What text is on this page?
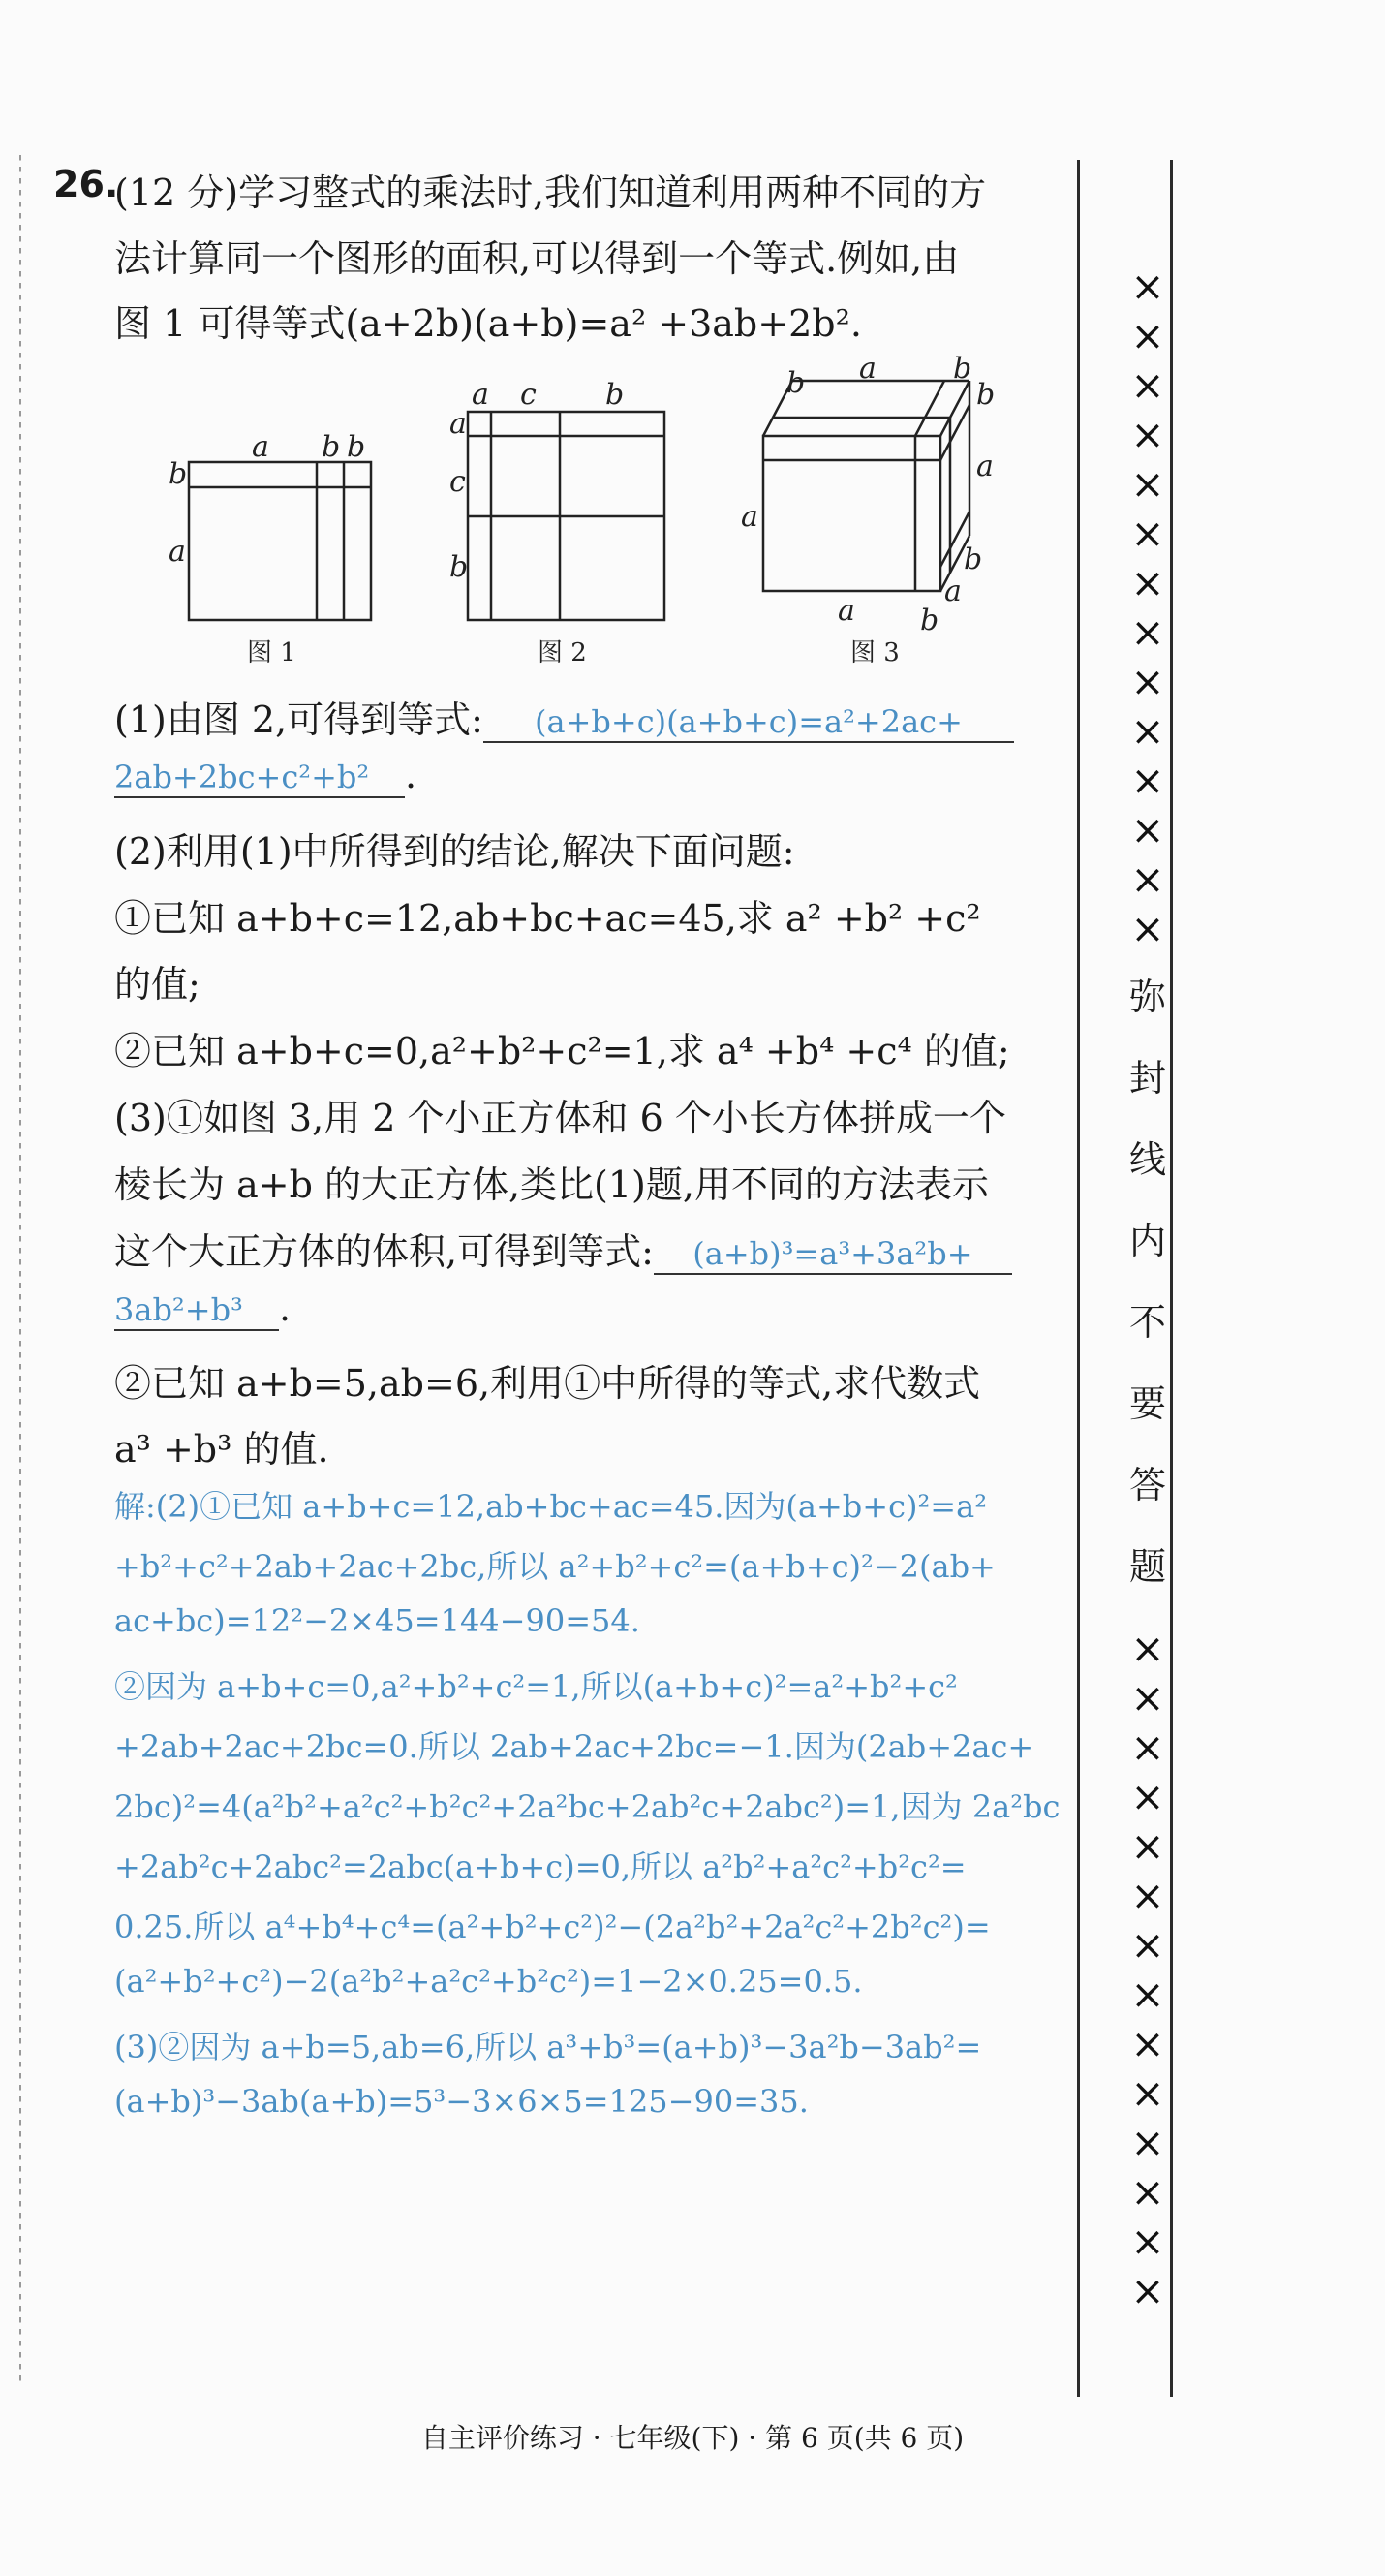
×
×
×
×
×
×
×
×
×
×
×
×
×
×
弥
封
线
内
不
要
答
题
×
×
×
×
×
×
×
×
×
×
×
×
×
×
26.
(12 分)学习整式的乘法时,我们知道利用两种不同的方
法计算同一个图形的面积,可以得到一个等式.例如,由
图 1 可得等式(a+2b)(a+b)=a² +3ab+2b².
a b b
b
a
a c b
a
c
b
b a	b
b
a
b
a
a
a b
图 1	图 2	图 3
(1)由图 2,可得到等式: (a+b+c)(a+b+c)=a²+2ac+
2ab+2bc+c²+b² .
(2)利用(1)中所得到的结论,解决下面问题:
①已知 a+b+c=12,ab+bc+ac=45,求 a² +b² +c²
的值;
②已知 a+b+c=0,a²+b²+c²=1,求 a⁴ +b⁴ +c⁴ 的值;
(3)①如图 3,用 2 个小正方体和 6 个小长方体拼成一个
棱长为 a+b 的大正方体,类比(1)题,用不同的方法表示
这个大正方体的体积,可得到等式: (a+b)³=a³+3a²b+
3ab²+b³ .
②已知 a+b=5,ab=6,利用①中所得的等式,求代数式
a³ +b³ 的值.
解:(2)①已知 a+b+c=12,ab+bc+ac=45.因为(a+b+c)²=a²
+b²+c²+2ab+2ac+2bc,所以 a²+b²+c²=(a+b+c)²−2(ab+
ac+bc)=12²−2×45=144−90=54.
②因为 a+b+c=0,a²+b²+c²=1,所以(a+b+c)²=a²+b²+c²
+2ab+2ac+2bc=0.所以 2ab+2ac+2bc=−1.因为(2ab+2ac+
2bc)²=4(a²b²+a²c²+b²c²+2a²bc+2ab²c+2abc²)=1,因为 2a²bc
+2ab²c+2abc²=2abc(a+b+c)=0,所以 a²b²+a²c²+b²c²=
0.25.所以 a⁴+b⁴+c⁴=(a²+b²+c²)²−(2a²b²+2a²c²+2b²c²)=
(a²+b²+c²)−2(a²b²+a²c²+b²c²)=1−2×0.25=0.5.
(3)②因为 a+b=5,ab=6,所以 a³+b³=(a+b)³−3a²b−3ab²=
(a+b)³−3ab(a+b)=5³−3×6×5=125−90=35.
自主评价练习 · 七年级(下) · 第 6 页(共 6 页)
